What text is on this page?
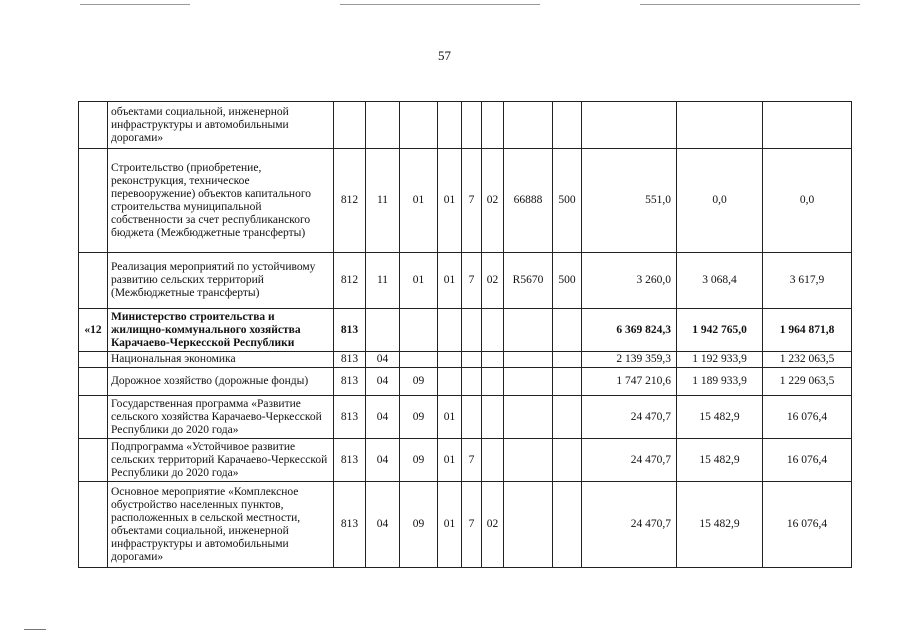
57
	объектами социальной, инженерной инфраструктуры и автомобильными дорогами»											
	Строительство (приобретение, реконструкция, техническое перевооружение) объектов капитального строительства муниципальной собственности за счет республиканского бюджета (Межбюджетные трансферты)	812	11	01	01	7	02	66888	500	551,0	0,0	0,0
	Реализация мероприятий по устойчивому развитию сельских территорий (Межбюджетные трансферты)	812	11	01	01	7	02	R5670	500	3 260,0	3 068,4	3 617,9
«12	Министерство строительства и жилищно-коммунального хозяйства Карачаево-Черкесской Республики	813								6 369 824,3	1 942 765,0	1 964 871,8
	Национальная экономика	813	04							2 139 359,3	1 192 933,9	1 232 063,5
	Дорожное хозяйство (дорожные фонды)	813	04	09						1 747 210,6	1 189 933,9	1 229 063,5
	Государственная программа «Развитие сельского хозяйства Карачаево-Черкесской Республики до 2020 года»	813	04	09	01					24 470,7	15 482,9	16 076,4
	Подпрограмма «Устойчивое развитие сельских территорий Карачаево-Черкесской Республики до 2020 года»	813	04	09	01	7				24 470,7	15 482,9	16 076,4
	Основное мероприятие «Комплексное обустройство населенных пунктов, расположенных в сельской местности, объектами социальной, инженерной инфраструктуры и автомобильными дорогами»	813	04	09	01	7	02			24 470,7	15 482,9	16 076,4
